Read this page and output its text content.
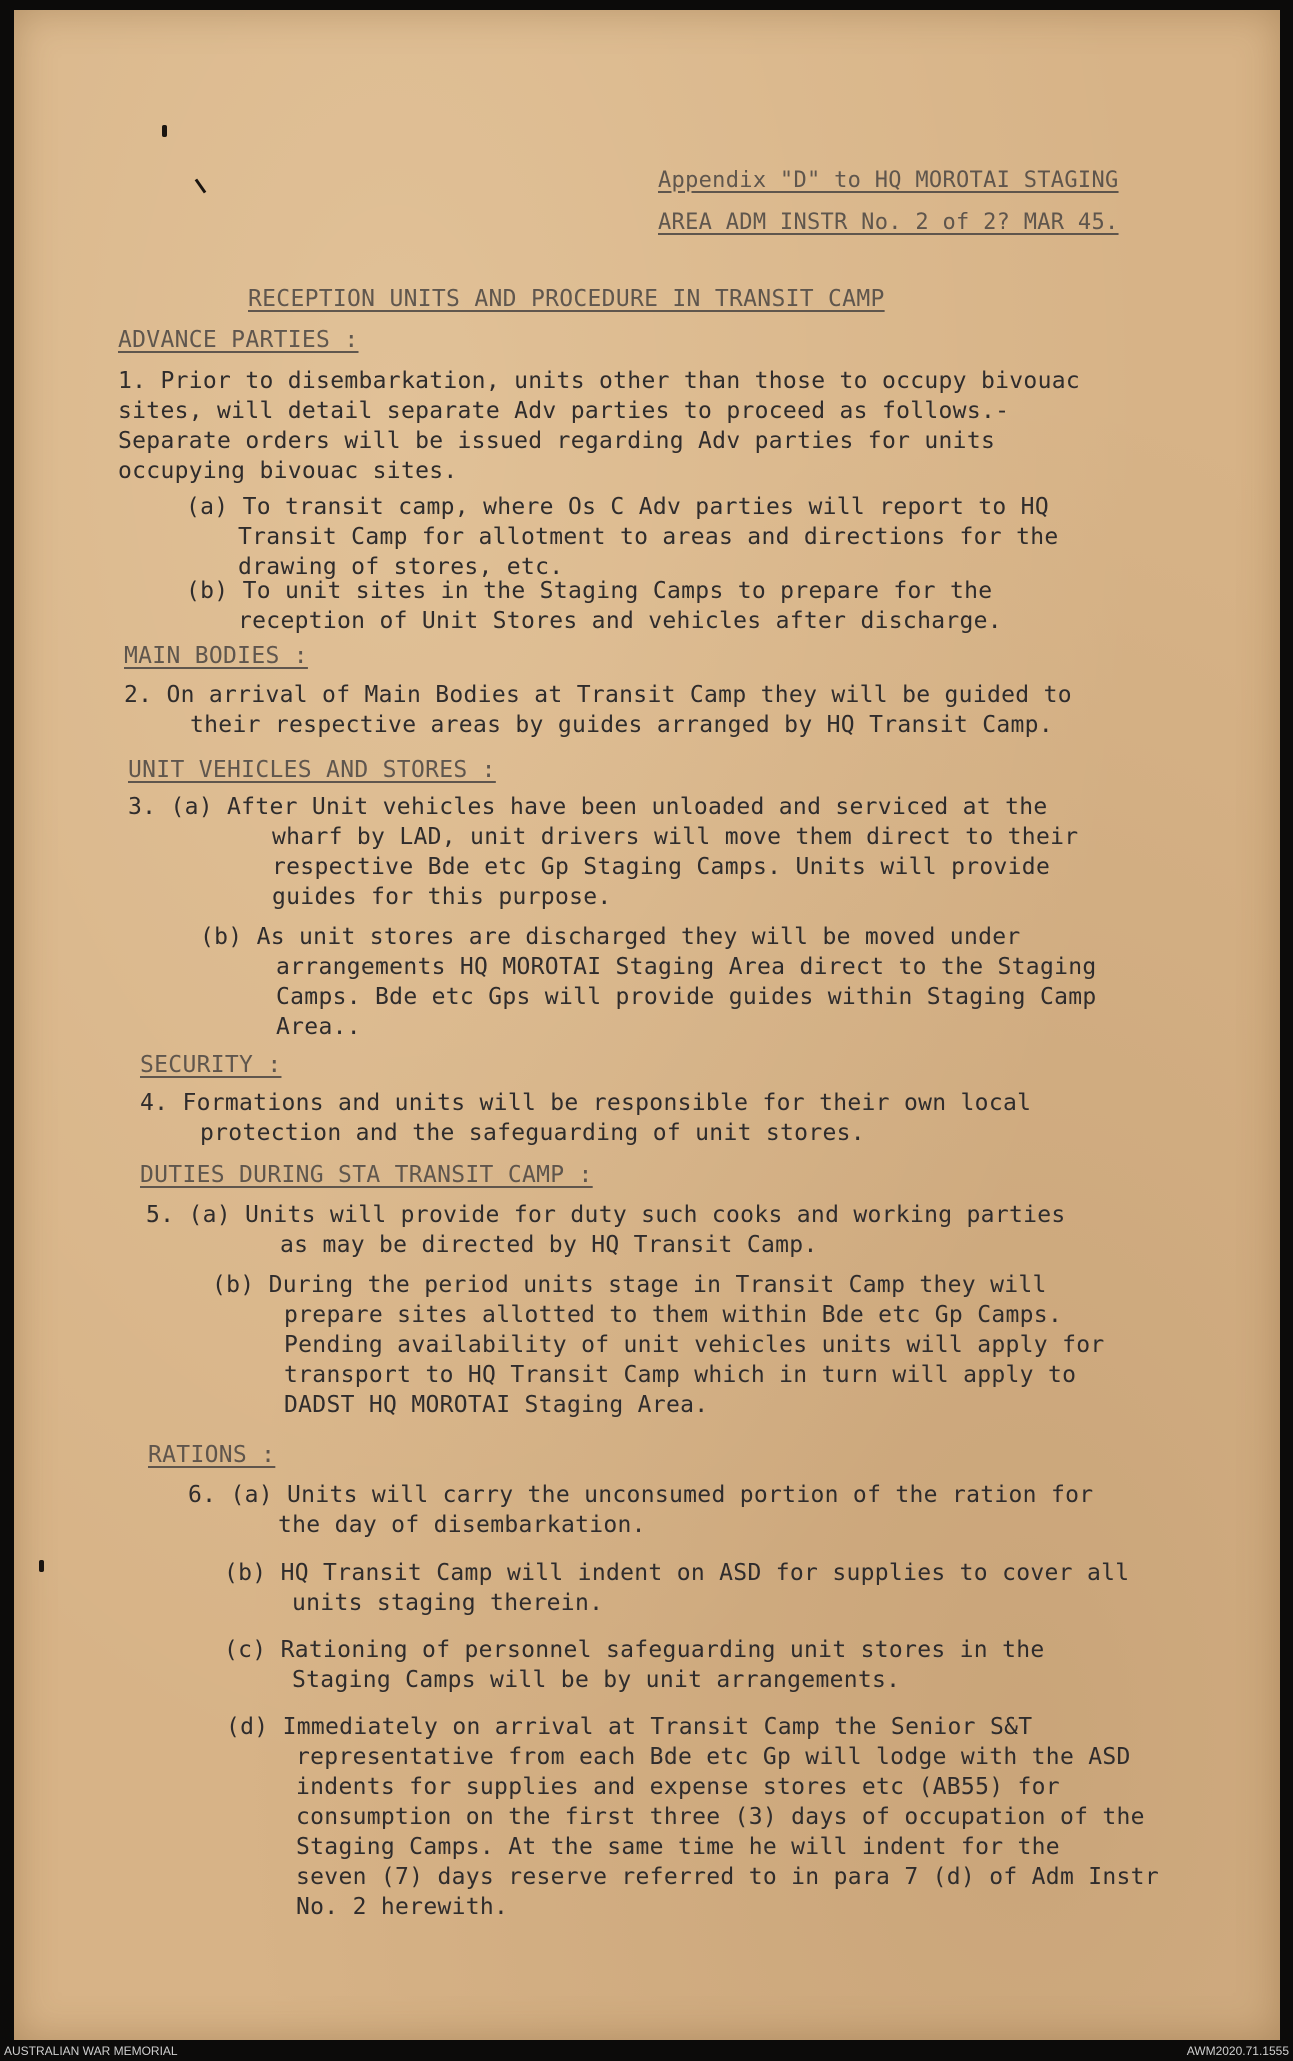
Appendix "D" to HQ MOROTAI STAGING
AREA ADM INSTR No. 2 of 2? MAR 45.
RECEPTION UNITS AND PROCEDURE IN TRANSIT CAMP
ADVANCE PARTIES :
1. Prior to disembarkation, units other than those to occupy bivouac
sites, will detail separate Adv parties to proceed as follows.-
Separate orders will be issued regarding Adv parties for units
occupying bivouac sites.
(a) To transit camp, where Os C Adv parties will report to HQ
Transit Camp for allotment to areas and directions for the
drawing of stores, etc.
(b) To unit sites in the Staging Camps to prepare for the
reception of Unit Stores and vehicles after discharge.
MAIN BODIES :
2. On arrival of Main Bodies at Transit Camp they will be guided to
their respective areas by guides arranged by HQ Transit Camp.
UNIT VEHICLES AND STORES :
3. (a) After Unit vehicles have been unloaded and serviced at the
wharf by LAD, unit drivers will move them direct to their
respective Bde etc Gp Staging Camps. Units will provide
guides for this purpose.
(b) As unit stores are discharged they will be moved under
arrangements HQ MOROTAI Staging Area direct to the Staging
Camps. Bde etc Gps will provide guides within Staging Camp
Area..
SECURITY :
4. Formations and units will be responsible for their own local
protection and the safeguarding of unit stores.
DUTIES DURING STA TRANSIT CAMP :
5. (a) Units will provide for duty such cooks and working parties
as may be directed by HQ Transit Camp.
(b) During the period units stage in Transit Camp they will
prepare sites allotted to them within Bde etc Gp Camps.
Pending availability of unit vehicles units will apply for
transport to HQ Transit Camp which in turn will apply to
DADST HQ MOROTAI Staging Area.
RATIONS :
6. (a) Units will carry the unconsumed portion of the ration for
the day of disembarkation.
(b) HQ Transit Camp will indent on ASD for supplies to cover all
units staging therein.
(c) Rationing of personnel safeguarding unit stores in the
Staging Camps will be by unit arrangements.
(d) Immediately on arrival at Transit Camp the Senior S&T
representative from each Bde etc Gp will lodge with the ASD
indents for supplies and expense stores etc (AB55) for
consumption on the first three (3) days of occupation of the
Staging Camps. At the same time he will indent for the
seven (7) days reserve referred to in para 7 (d) of Adm Instr
No. 2 herewith.
AUSTRALIAN WAR MEMORIAL	AWM2020.71.1555
